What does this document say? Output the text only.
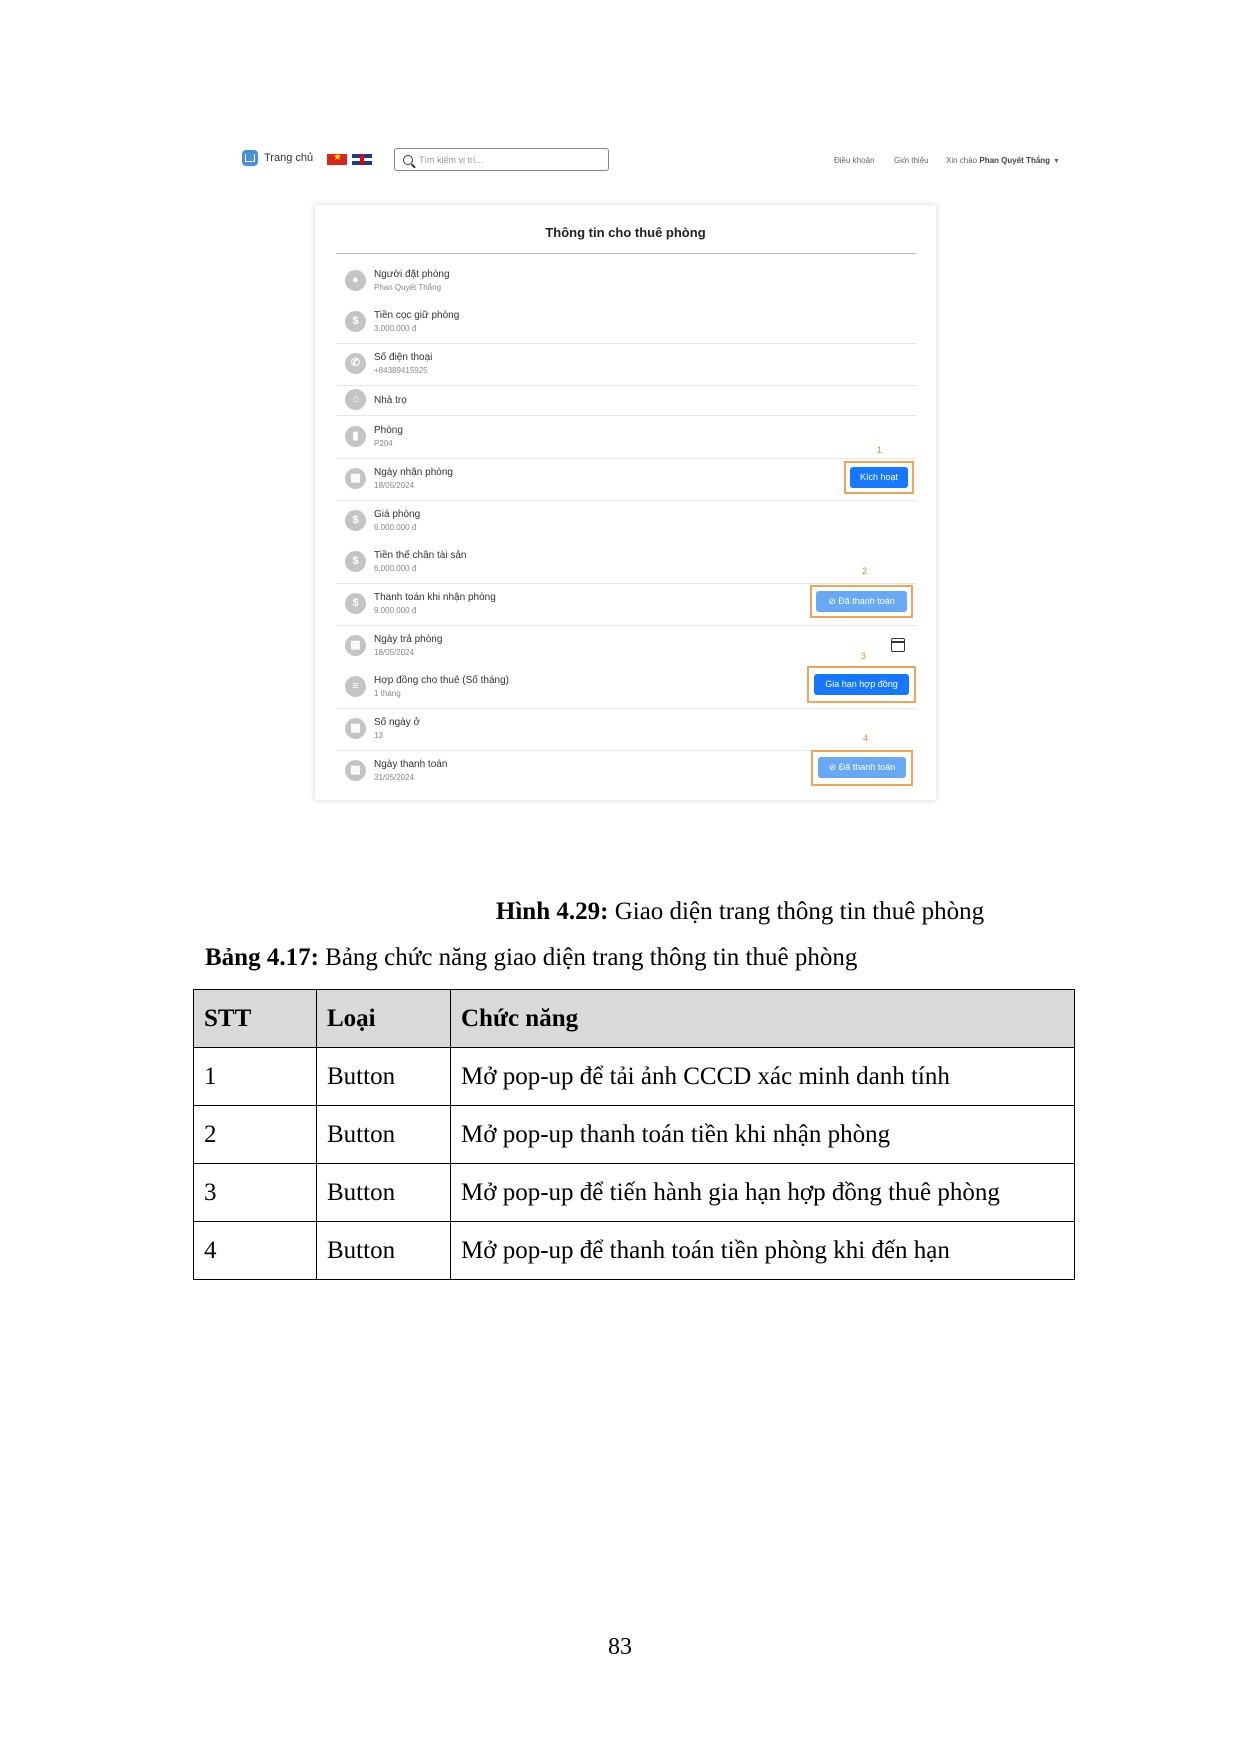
Trang chủ ★	Tìm kiếm vị trí...	Điều khoản Giới thiệu Xin chào Phan Quyết Thắng ▼
Thông tin cho thuê phòng
●	Người đặt phòng
Phan Quyết Thắng
$	Tiền cọc giữ phòng
3.000.000 đ
✆	Số điện thoại
+84389415925
⌂	Nhà trọ
▮	Phòng
P204
▦	Ngày nhận phòng
18/05/2024
$	Giá phòng
6.000.000 đ
$	Tiền thế chân tài sản
6.000.000 đ
$	Thanh toán khi nhận phòng
9.000.000 đ
▦	Ngày trả phòng
18/05/2024
≡	Hợp đồng cho thuê (Số tháng)
1 tháng
▦	Số ngày ở
13
▦	Ngày thanh toán
31/05/2024
1
Kích hoạt
2
⊘ Đã thanh toán
3
Gia hạn hợp đồng
4
⊘ Đã thanh toán
Hình 4.29: Giao diện trang thông tin thuê phòng
Bảng 4.17: Bảng chức năng giao diện trang thông tin thuê phòng
STT	Loại	Chức năng
1	Button	Mở pop-up để tải ảnh CCCD xác minh danh tính
2	Button	Mở pop-up thanh toán tiền khi nhận phòng
3	Button	Mở pop-up để tiến hành gia hạn hợp đồng thuê phòng
4	Button	Mở pop-up để thanh toán tiền phòng khi đến hạn
83
